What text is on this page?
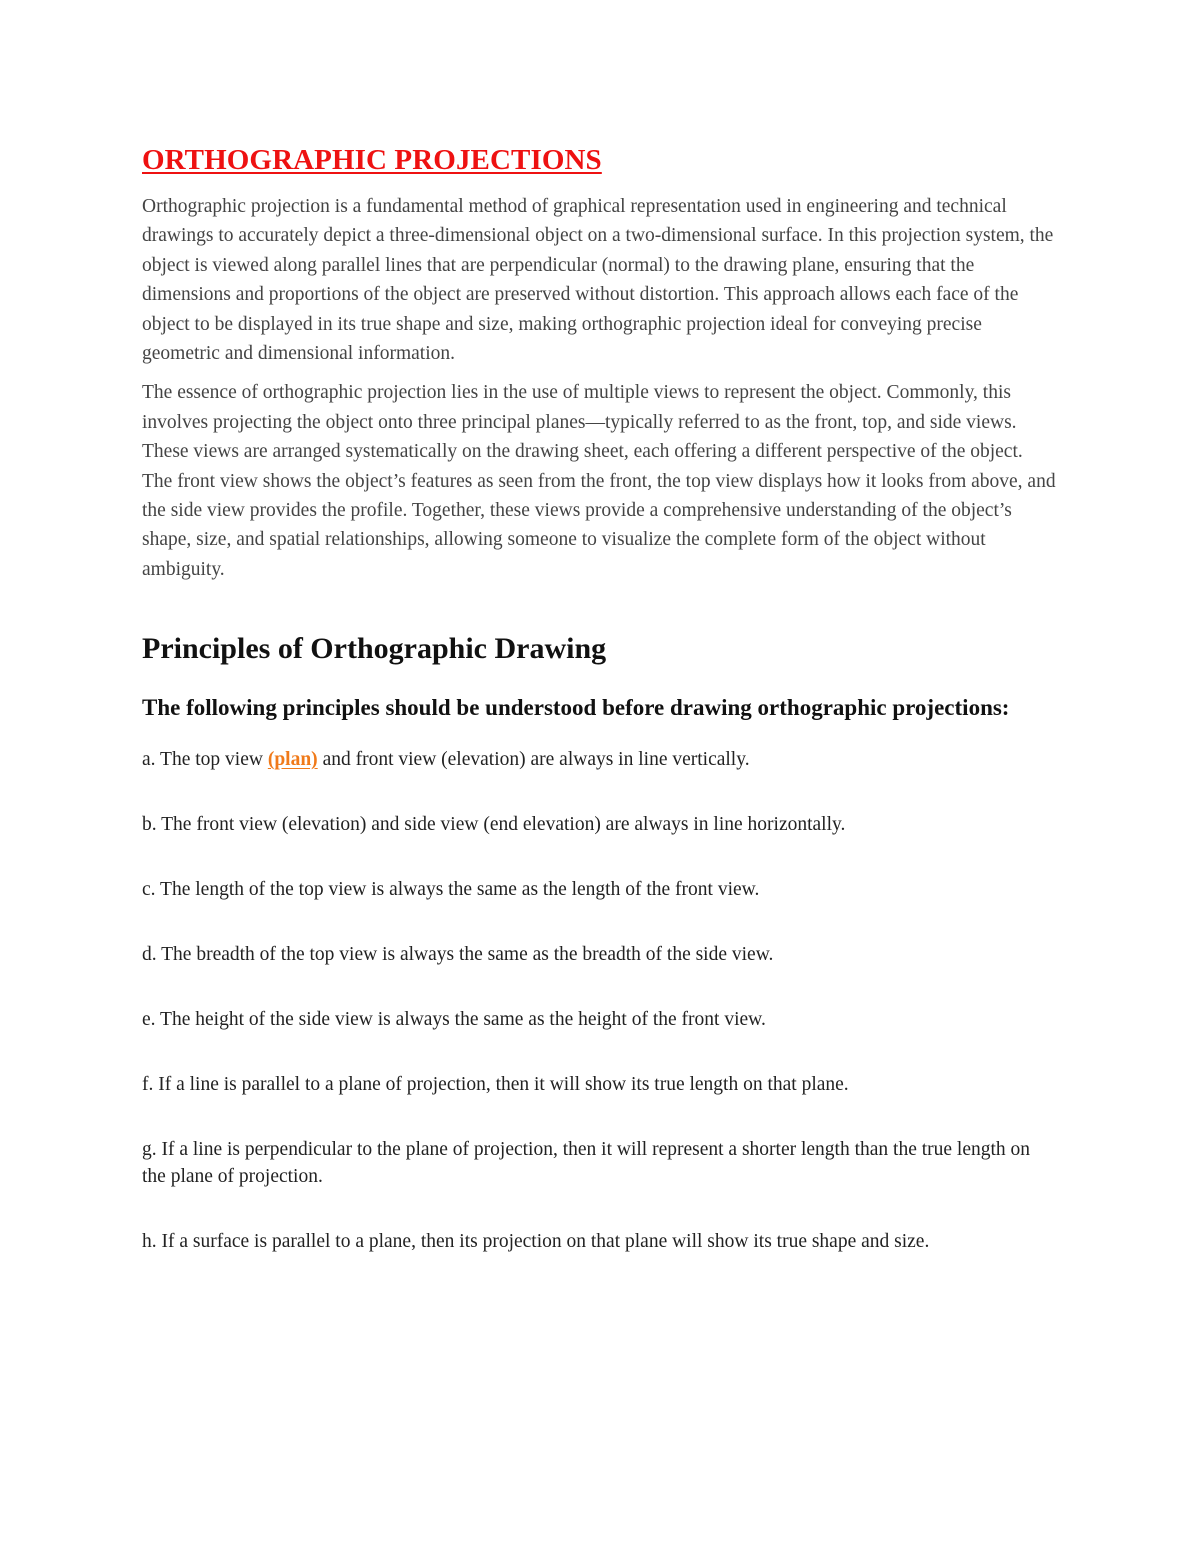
ORTHOGRAPHIC PROJECTIONS

Orthographic projection is a fundamental method of graphical representation used in engineering and technical drawings to accurately depict a three-dimensional object on a two-dimensional surface. In this projection system, the object is viewed along parallel lines that are perpendicular (normal) to the drawing plane, ensuring that the dimensions and proportions of the object are preserved without distortion. This approach allows each face of the object to be displayed in its true shape and size, making orthographic projection ideal for conveying precise geometric and dimensional information.

The essence of orthographic projection lies in the use of multiple views to represent the object. Commonly, this involves projecting the object onto three principal planes—typically referred to as the front, top, and side views. These views are arranged systematically on the drawing sheet, each offering a different perspective of the object. The front view shows the object’s features as seen from the front, the top view displays how it looks from above, and the side view provides the profile. Together, these views provide a comprehensive understanding of the object’s shape, size, and spatial relationships, allowing someone to visualize the complete form of the object without ambiguity.

Principles of Orthographic Drawing
The following principles should be understood before drawing orthographic projections:

a. The top view (plan) and front view (elevation) are always in line vertically.

b. The front view (elevation) and side view (end elevation) are always in line horizontally.

c. The length of the top view is always the same as the length of the front view.

d. The breadth of the top view is always the same as the breadth of the side view.

e. The height of the side view is always the same as the height of the front view.

f. If a line is parallel to a plane of projection, then it will show its true length on that plane.

g. If a line is perpendicular to the plane of projection, then it will represent a shorter length than the true length on the plane of projection.

h. If a surface is parallel to a plane, then its projection on that plane will show its true shape and size.
